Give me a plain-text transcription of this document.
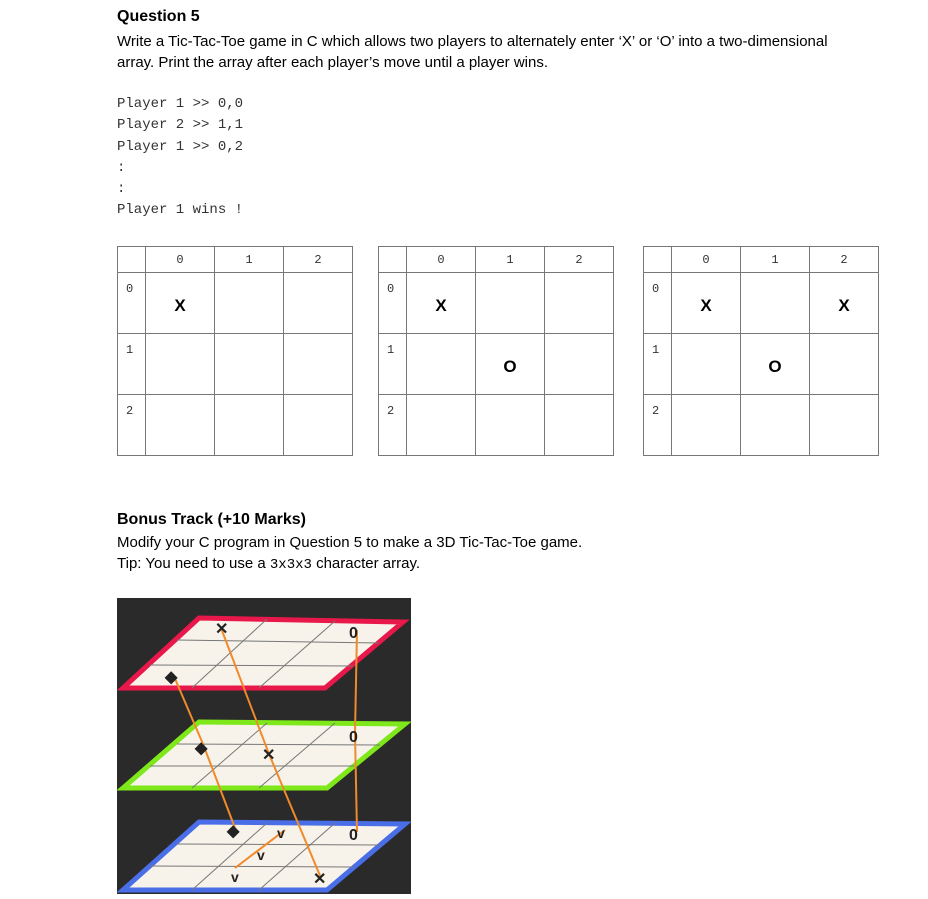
Question 5
Write a Tic-Tac-Toe game in C which allows two players to alternately enter ‘X’ or ‘O’ into a two-dimensional array. Print the array after each player’s move until a player wins.
Player 1 >> 0,0
Player 2 >> 1,1
Player 1 >> 0,2
:
:
Player 1 wins !

	0	1	2

0	X		

1			

2			

	0	1	2

0	X		

1		O	

2			

	0	1	2

0	X		X

1		O	

2			

Bonus Track (+10 Marks)
Modify your C program in Question 5 to make a 3D Tic-Tac-Toe game.
Tip: You need to use a 3x3x3 character array.
✕	0
◆
◆	✕
0
◆	0
v
v
v	✕
